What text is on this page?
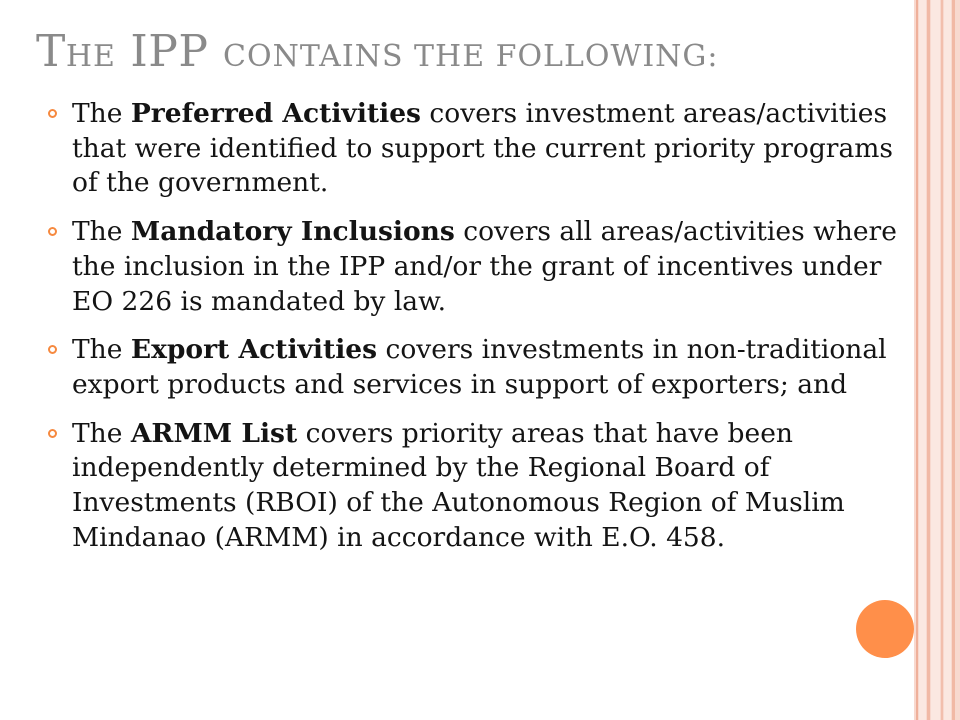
THE IPP CONTAINS THE FOLLOWING:
The Preferred Activities covers investment areas/activities that were identified to support the current priority programs of the government.
The Mandatory Inclusions covers all areas/activities where the inclusion in the IPP and/or the grant of incentives under EO 226 is mandated by law.
The Export Activities covers investments in non-traditional export products and services in support of exporters; and
The ARMM List covers priority areas that have been independently determined by the Regional Board of Investments (RBOI) of the Autonomous Region of Muslim Mindanao (ARMM) in accordance with E.O. 458.
